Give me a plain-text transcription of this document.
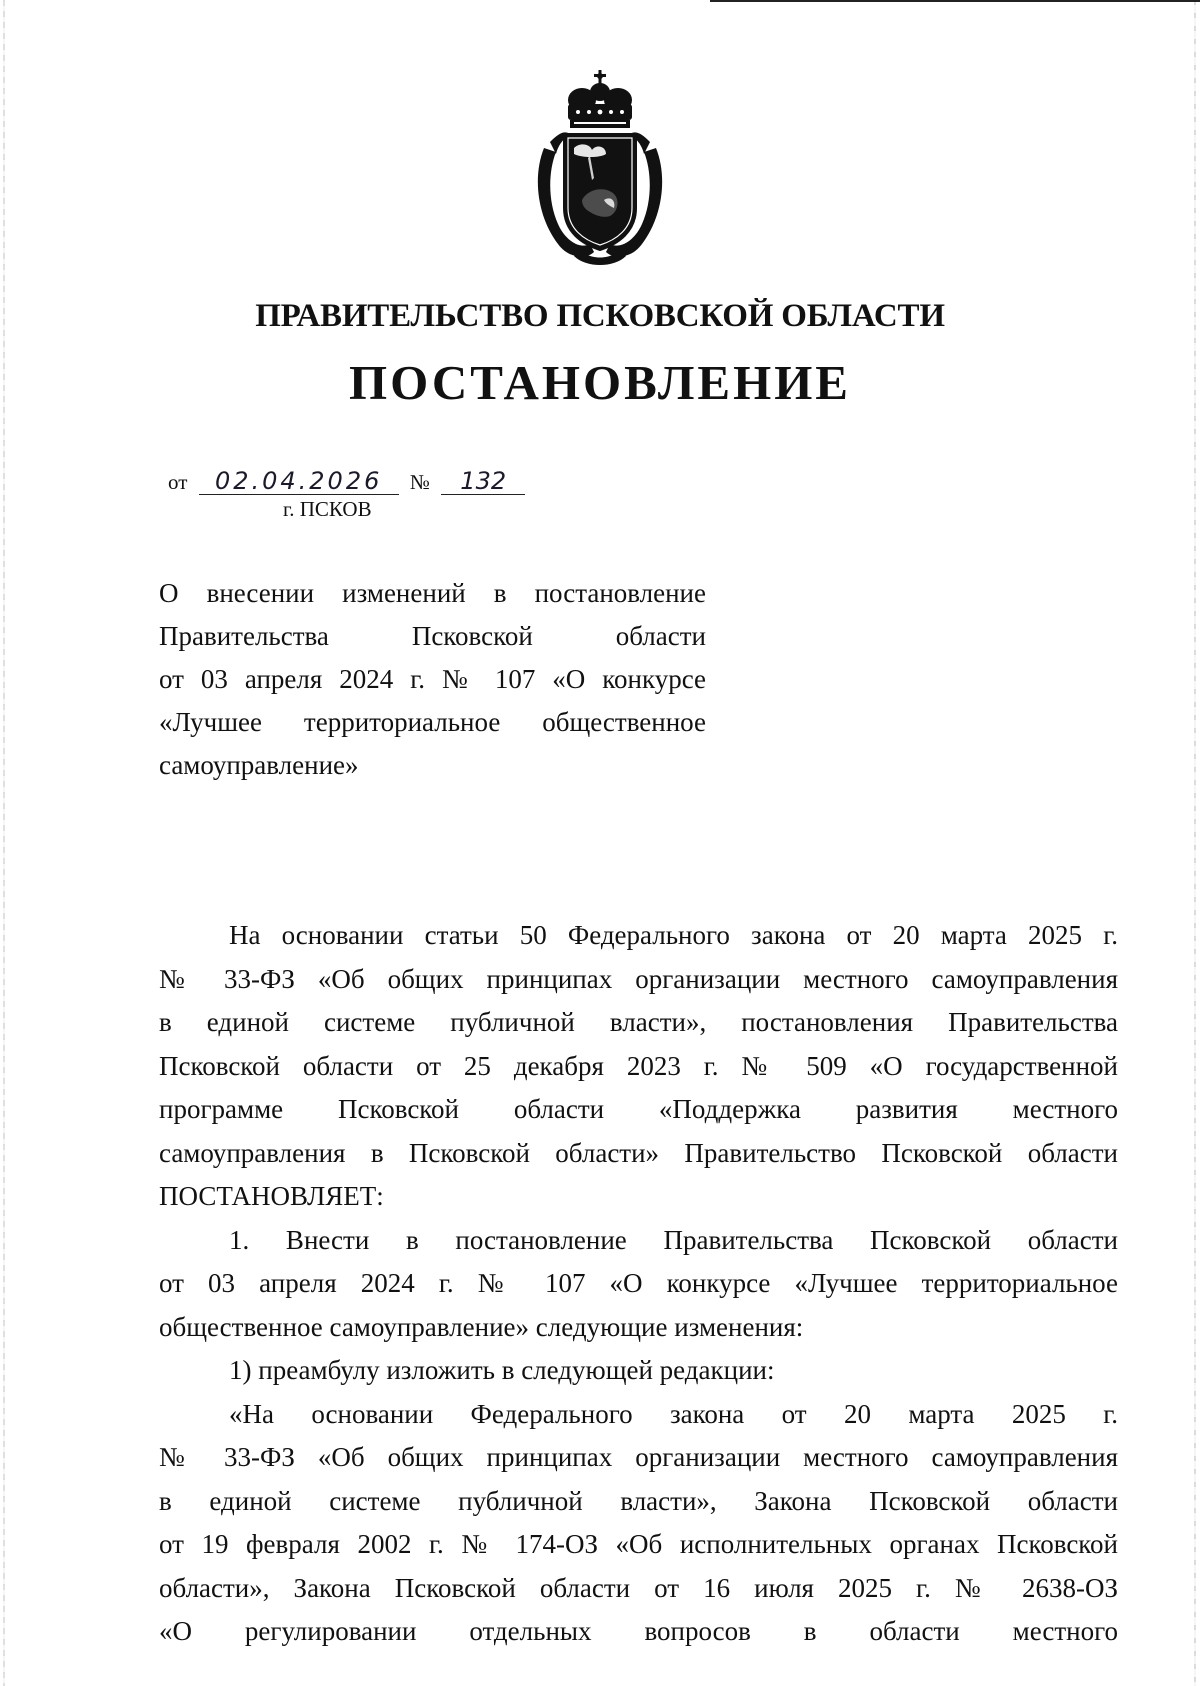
ПРАВИТЕЛЬСТВО ПСКОВСКОЙ ОБЛАСТИ
ПОСТАНОВЛЕНИЕ
от 02.04.2026 № 132
г. ПСКОВ
О внесении изменений в постановление
Правительства Псковской области
от 03 апреля 2024 г. № 107 «О конкурсе
«Лучшее территориальное общественное
самоуправление»
На основании статьи 50 Федерального закона от 20 марта 2025 г.
№ 33-ФЗ «Об общих принципах организации местного самоуправления
в единой системе публичной власти», постановления Правительства
Псковской области от 25 декабря 2023 г. № 509 «О государственной
программе Псковской области «Поддержка развития местного
самоуправления в Псковской области» Правительство Псковской области
ПОСТАНОВЛЯЕТ:
1. Внести в постановление Правительства Псковской области
от 03 апреля 2024 г. № 107 «О конкурсе «Лучшее территориальное
общественное самоуправление» следующие изменения:
1) преамбулу изложить в следующей редакции:
«На основании Федерального закона от 20 марта 2025 г.
№ 33-ФЗ «Об общих принципах организации местного самоуправления
в единой системе публичной власти», Закона Псковской области
от 19 февраля 2002 г. № 174-ОЗ «Об исполнительных органах Псковской
области», Закона Псковской области от 16 июля 2025 г. № 2638-ОЗ
«О регулировании отдельных вопросов в области местного
